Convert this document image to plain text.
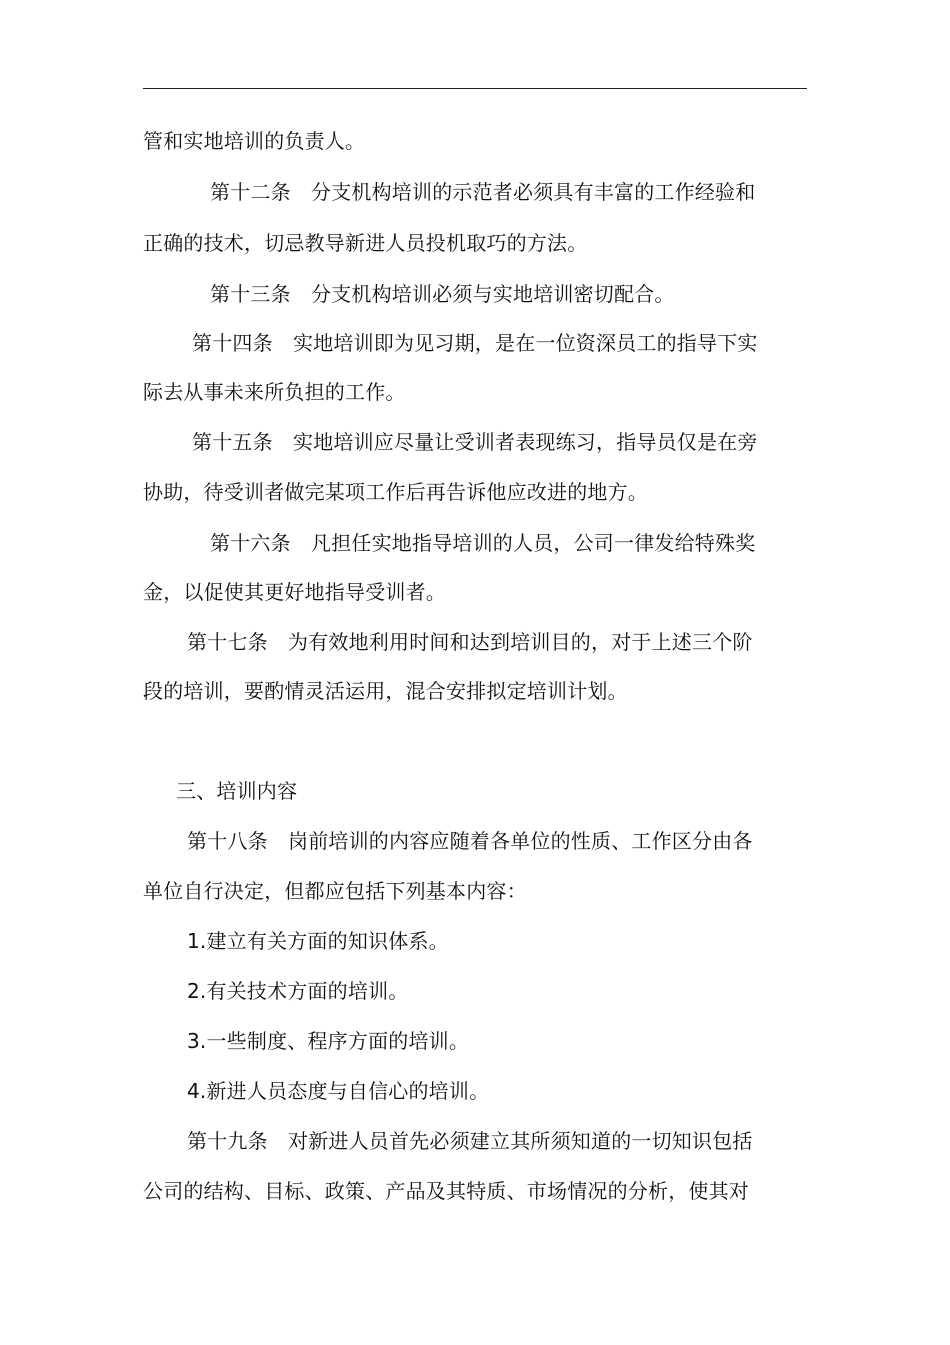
管和实地培训的负责人。
第十二条　分支机构培训的示范者必须具有丰富的工作经验和
正确的技术，切忌教导新进人员投机取巧的方法。
第十三条　分支机构培训必须与实地培训密切配合。
第十四条　实地培训即为见习期，是在一位资深员工的指导下实
际去从事未来所负担的工作。
第十五条　实地培训应尽量让受训者表现练习，指导员仅是在旁
协助，待受训者做完某项工作后再告诉他应改进的地方。
第十六条　凡担任实地指导培训的人员，公司一律发给特殊奖
金，以促使其更好地指导受训者。
第十七条　为有效地利用时间和达到培训目的，对于上述三个阶
段的培训，要酌情灵活运用，混合安排拟定培训计划。
三、培训内容
第十八条　岗前培训的内容应随着各单位的性质、工作区分由各
单位自行决定，但都应包括下列基本内容：
1.建立有关方面的知识体系。
2.有关技术方面的培训。
3.一些制度、程序方面的培训。
4.新进人员态度与自信心的培训。
第十九条　对新进人员首先必须建立其所须知道的一切知识包括
公司的结构、目标、政策、产品及其特质、市场情况的分析，使其对
